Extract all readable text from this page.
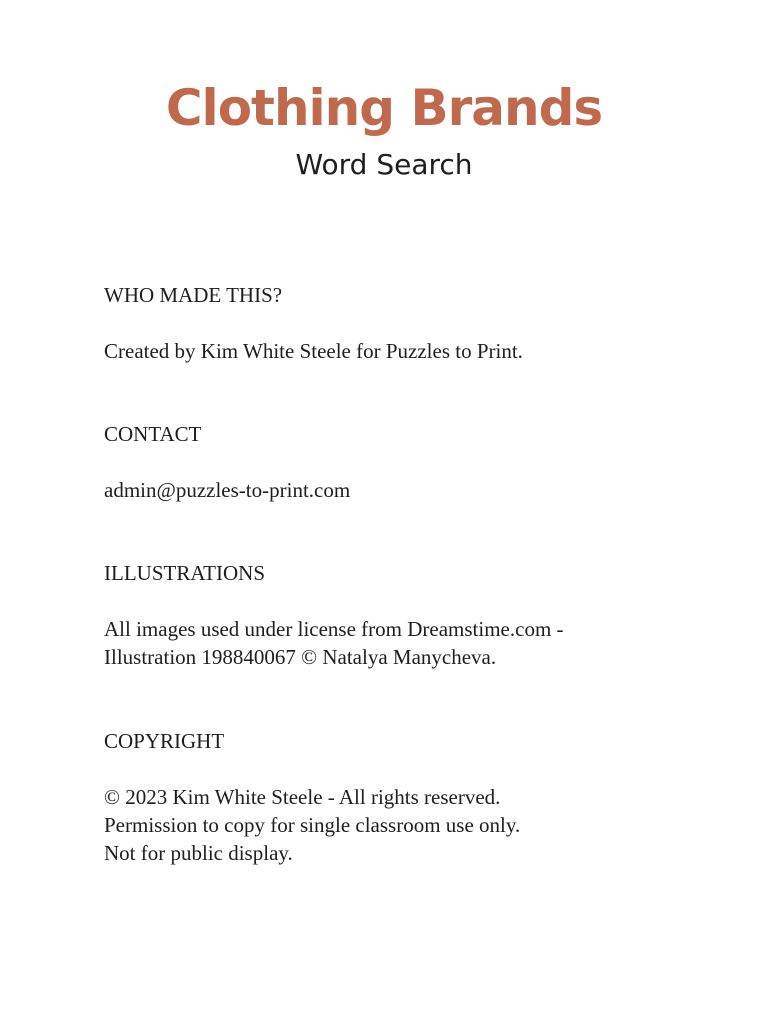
Clothing Brands
Word Search
WHO MADE THIS?
Created by Kim White Steele for Puzzles to Print.
CONTACT
admin@puzzles-to-print.com
ILLUSTRATIONS
All images used under license from Dreamstime.com -
Illustration 198840067 © Natalya Manycheva.
COPYRIGHT
© 2023 Kim White Steele - All rights reserved.
Permission to copy for single classroom use only.
Not for public display.
